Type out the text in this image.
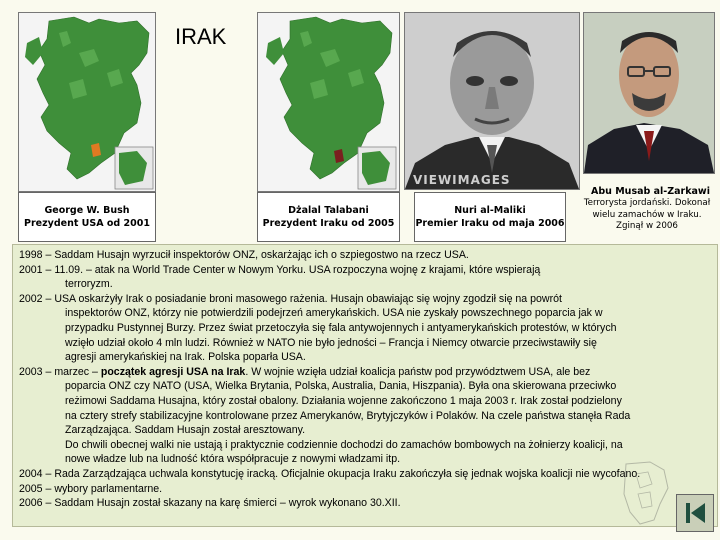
IRAK
VIEWIMAGES
George W. Bush
Prezydent USA od 2001
Dżalal Talabani
Prezydent Iraku od 2005
Nuri al-Maliki
Premier Iraku od maja 2006
Abu Musab al-Zarkawi
Terrorysta jordański. Dokonał
wielu zamachów w Iraku.
Zginął w 2006
1998 – Saddam Husajn wyrzucił inspektorów ONZ, oskarżając ich o szpiegostwo na rzecz USA.
2001 – 11.09. – atak na World Trade Center w Nowym Yorku. USA rozpoczyna wojnę z krajami, które wspierają
terroryzm.
2002 – USA oskarżyły Irak o posiadanie broni masowego rażenia. Husajn obawiając się wojny zgodził się na powrót
inspektorów ONZ, którzy nie potwierdzili podejrzeń amerykańskich. USA nie zyskały powszechnego poparcia jak w
przypadku Pustynnej Burzy. Przez świat przetoczyła się fala antywojennych i antyamerykańskich protestów, w których
wzięło udział około 4 mln ludzi. Również w NATO nie było jedności – Francja i Niemcy otwarcie przeciwstawiły się
agresji amerykańskiej na Irak. Polska poparła USA.
2003 – marzec – początek agresji USA na Irak. W wojnie wzięła udział koalicja państw pod przywództwem USA, ale bez
poparcia ONZ czy NATO (USA, Wielka Brytania, Polska, Australia, Dania, Hiszpania). Była ona skierowana przeciwko
reżimowi Saddama Husajna, który został obalony. Działania wojenne zakończono 1 maja 2003 r. Irak został podzielony
na cztery strefy stabilizacyjne kontrolowane przez Amerykanów, Brytyjczyków i Polaków. Na czele państwa stanęła Rada
Zarządzająca. Saddam Husajn został aresztowany.
Do chwili obecnej walki nie ustają i praktycznie codziennie dochodzi do zamachów bombowych na żołnierzy koalicji, na
nowe władze lub na ludność która współpracuje z nowymi władzami itp.
2004 – Rada Zarządzająca uchwala konstytucję iracką. Oficjalnie okupacja Iraku zakończyła się jednak wojska koalicji nie wycofano.
2005 – wybory parlamentarne.
2006 – Saddam Husajn został skazany na karę śmierci – wyrok wykonano 30.XII.
